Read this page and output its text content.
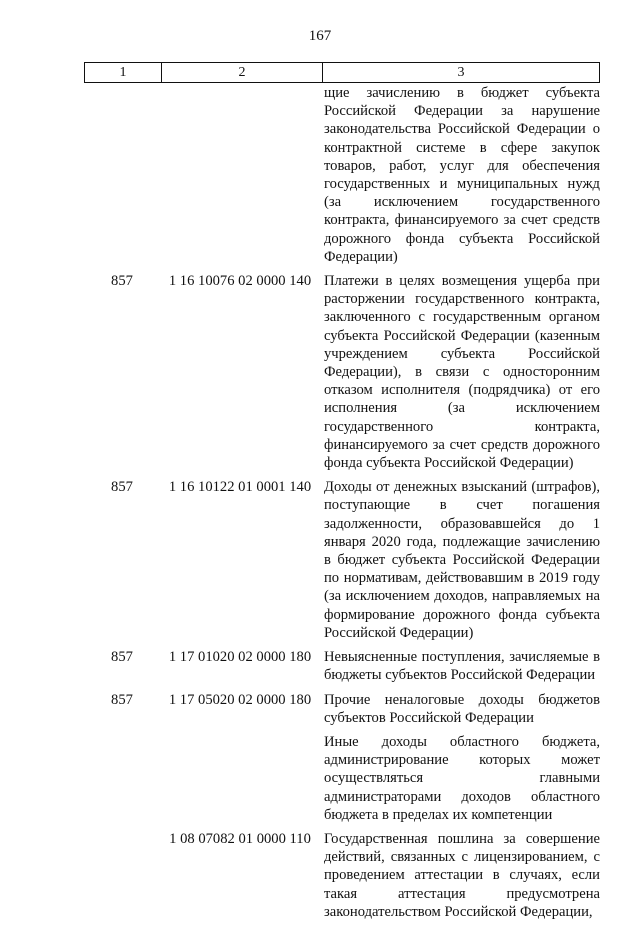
167
1	2	3
щие зачислению в бюджет субъекта Российской Федерации за нарушение законодательства Российской Федерации о контрактной системе в сфере закупок товаров, работ, услуг для обеспечения государственных и муниципальных нужд (за исключением государственного контракта, финансируемого за счет средств дорожного фонда субъекта Российской Федерации)
857	1 16 10076 02 0000 140 Платежи в целях возмещения ущерба при расторжении государственного контракта, заключенного с государственным органом субъекта Российской Федерации (казенным учреждением субъекта Российской Федерации), в связи с односторонним отказом исполнителя (подрядчика) от его исполнения (за исключением государственного контракта, финансируемого за счет средств дорожного фонда субъекта Российской Федерации)
857	1 16 10122 01 0001 140 Доходы от денежных взысканий (штрафов), поступающие в счет погашения задолженности, образовавшейся до 1 января 2020 года, подлежащие зачислению в бюджет субъекта Российской Федерации по нормативам, действовавшим в 2019 году (за исключением доходов, направляемых на формирование дорожного фонда субъекта Российской Федерации)
857	1 17 01020 02 0000 180 Невыясненные поступления, зачисляемые в бюджеты субъектов Российской Федерации
857	1 17 05020 02 0000 180 Прочие неналоговые доходы бюджетов субъектов Российской Федерации
Иные доходы областного бюджета, администрирование которых может осуществляться главными администраторами доходов областного бюджета в пределах их компетенции
1 08 07082 01 0000 110 Государственная пошлина за совершение действий, связанных с лицензированием, с проведением аттестации в случаях, если такая аттестация предусмотрена законодательством Российской Федерации,
